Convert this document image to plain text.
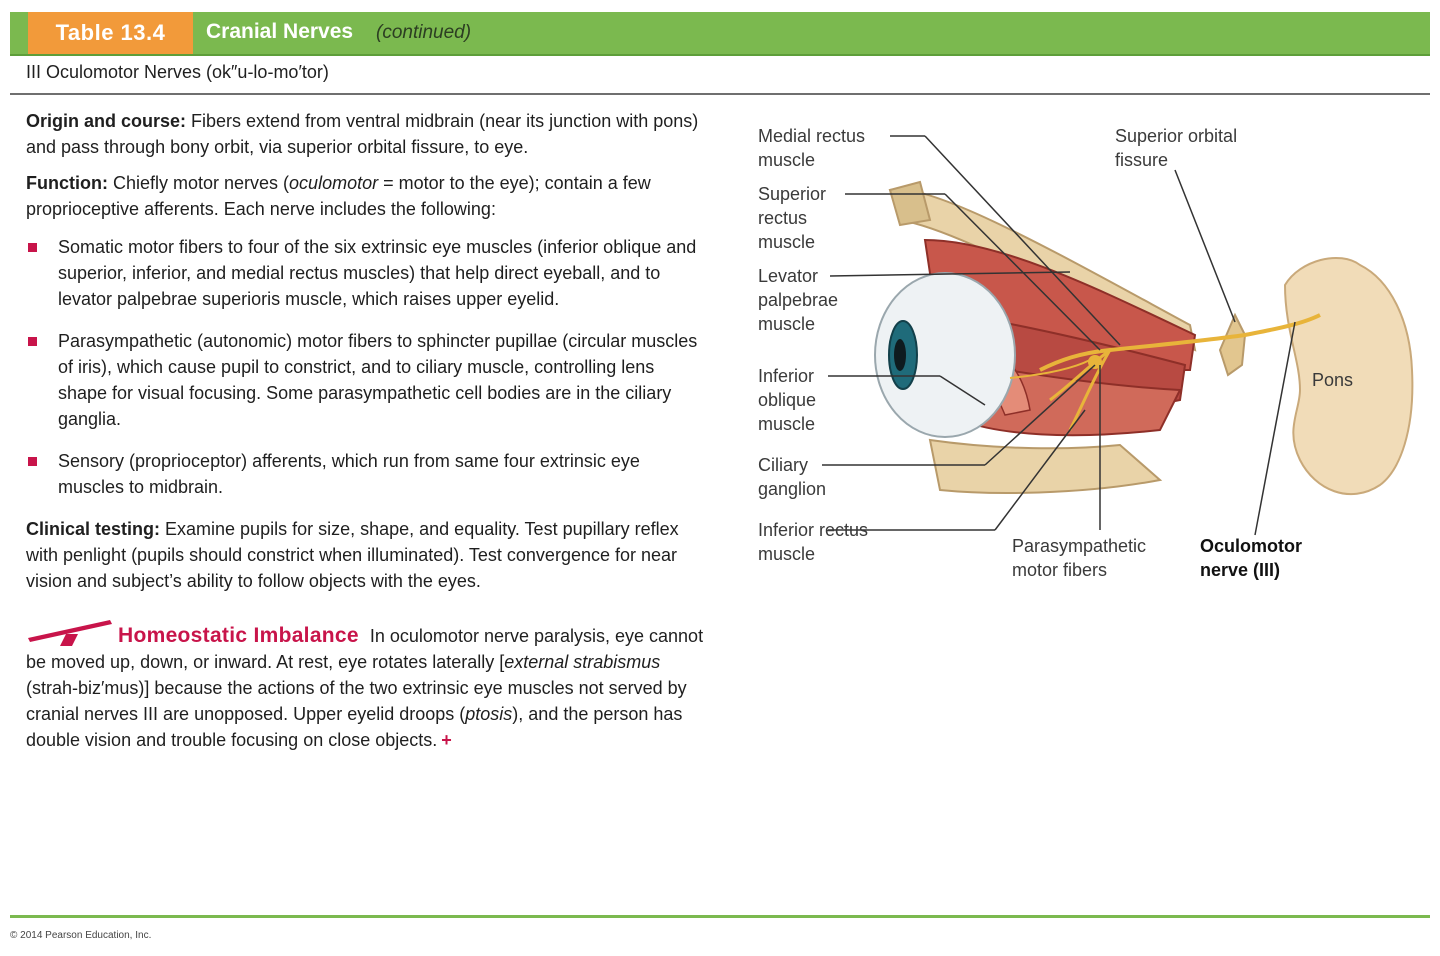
Table 13.4	Cranial Nerves (continued)
III Oculomotor Nerves (ok″u-lo-mo′tor)

Origin and course: Fibers extend from ventral midbrain (near its junction with pons) and pass through bony orbit, via superior orbital fissure, to eye.

Function: Chiefly motor nerves (oculomotor = motor to the eye); contain a few proprioceptive afferents. Each nerve includes the following:

Somatic motor fibers to four of the six extrinsic eye muscles (inferior oblique and superior, inferior, and medial rectus muscles) that help direct eyeball, and to levator palpebrae superioris muscle, which raises upper eyelid.
Parasympathetic (autonomic) motor fibers to sphincter pupillae (circular muscles of iris), which cause pupil to constrict, and to ciliary muscle, controlling lens shape for visual focusing. Some parasympathetic cell bodies are in the ciliary ganglia.
Sensory (proprioceptor) afferents, which run from same four extrinsic eye muscles to midbrain.

Clinical testing: Examine pupils for size, shape, and equality. Test pupillary reflex with penlight (pupils should constrict when illuminated). Test convergence for near vision and subject’s ability to follow objects with the eyes.

Homeostatic Imbalance In oculomotor nerve paralysis, eye cannot be moved up, down, or inward. At rest, eye rotates laterally [external strabismus (strah-biz′mus)] because the actions of the two extrinsic eye muscles not served by cranial nerves III are unopposed. Upper eyelid droops (ptosis), and the person has double vision and trouble focusing on close objects. +

Medial rectus muscle
Superior rectus muscle
Levator palpebrae muscle
Inferior oblique muscle
Ciliary ganglion
Inferior rectus muscle
Superior orbital fissure
Pons
Parasympathetic motor fibers
Oculomotor nerve (III)
© 2014 Pearson Education, Inc.
